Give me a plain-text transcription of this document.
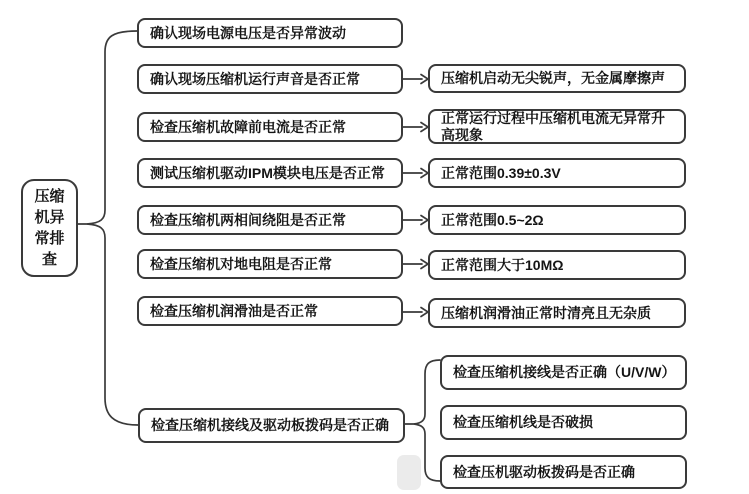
压缩机异常排查
确认现场电源电压是否异常波动
确认现场压缩机运行声音是否正常
检查压缩机故障前电流是否正常
测试压缩机驱动IPM模块电压是否正常
检查压缩机两相间绕阻是否正常
检查压缩机对地电阻是否正常
检查压缩机润滑油是否正常
检查压缩机接线及驱动板拨码是否正确
压缩机启动无尖锐声，无金属摩擦声
正常运行过程中压缩机电流无异常升高现象
正常范围0.39±0.3V
正常范围0.5~2Ω
正常范围大于10MΩ
压缩机润滑油正常时清亮且无杂质
检查压缩机接线是否正确（U/V/W）
检查压缩机线是否破损
检查压机驱动板拨码是否正确
